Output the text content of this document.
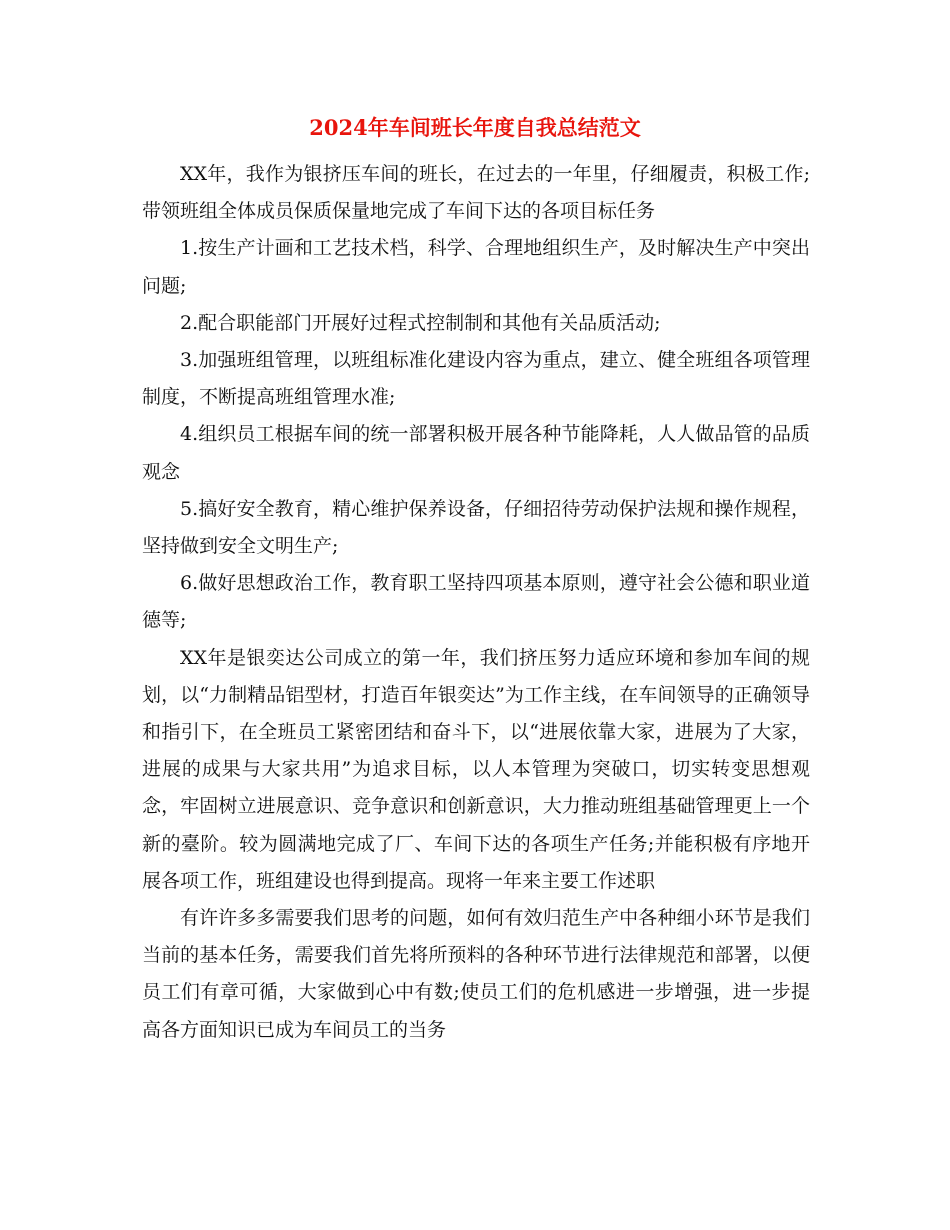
2024年车间班长年度自我总结范文

XX年，我作为银挤压车间的班长，在过去的一年里，仔细履责，积极工作;带领班组全体成员保质保量地完成了车间下达的各项目标任务

1.按生产计画和工艺技术档，科学、合理地组织生产，及时解决生产中突出问题;

2.配合职能部门开展好过程式控制制和其他有关品质活动;

3.加强班组管理，以班组标准化建设内容为重点，建立、健全班组各项管理制度，不断提高班组管理水准;

4.组织员工根据车间的统一部署积极开展各种节能降耗，人人做品管的品质观念

5.搞好安全教育，精心维护保养设备，仔细招待劳动保护法规和操作规程，坚持做到安全文明生产;

6.做好思想政治工作，教育职工坚持四项基本原则，遵守社会公德和职业道德等;

XX年是银奕达公司成立的第一年，我们挤压努力适应环境和参加车间的规划，以“力制精品铝型材，打造百年银奕达”为工作主线，在车间领导的正确领导和指引下，在全班员工紧密团结和奋斗下，以“进展依靠大家，进展为了大家，进展的成果与大家共用”为追求目标，以人本管理为突破口，切实转变思想观念，牢固树立进展意识、竞争意识和创新意识，大力推动班组基础管理更上一个新的臺阶。较为圆满地完成了厂、车间下达的各项生产任务;并能积极有序地开展各项工作，班组建设也得到提高。现将一年来主要工作述职

有许许多多需要我们思考的问题，如何有效归范生产中各种细小环节是我们当前的基本任务，需要我们首先将所预料的各种环节进行法律规范和部署，以便员工们有章可循，大家做到心中有数;使员工们的危机感进一步增强，进一步提高各方面知识已成为车间员工的当务
